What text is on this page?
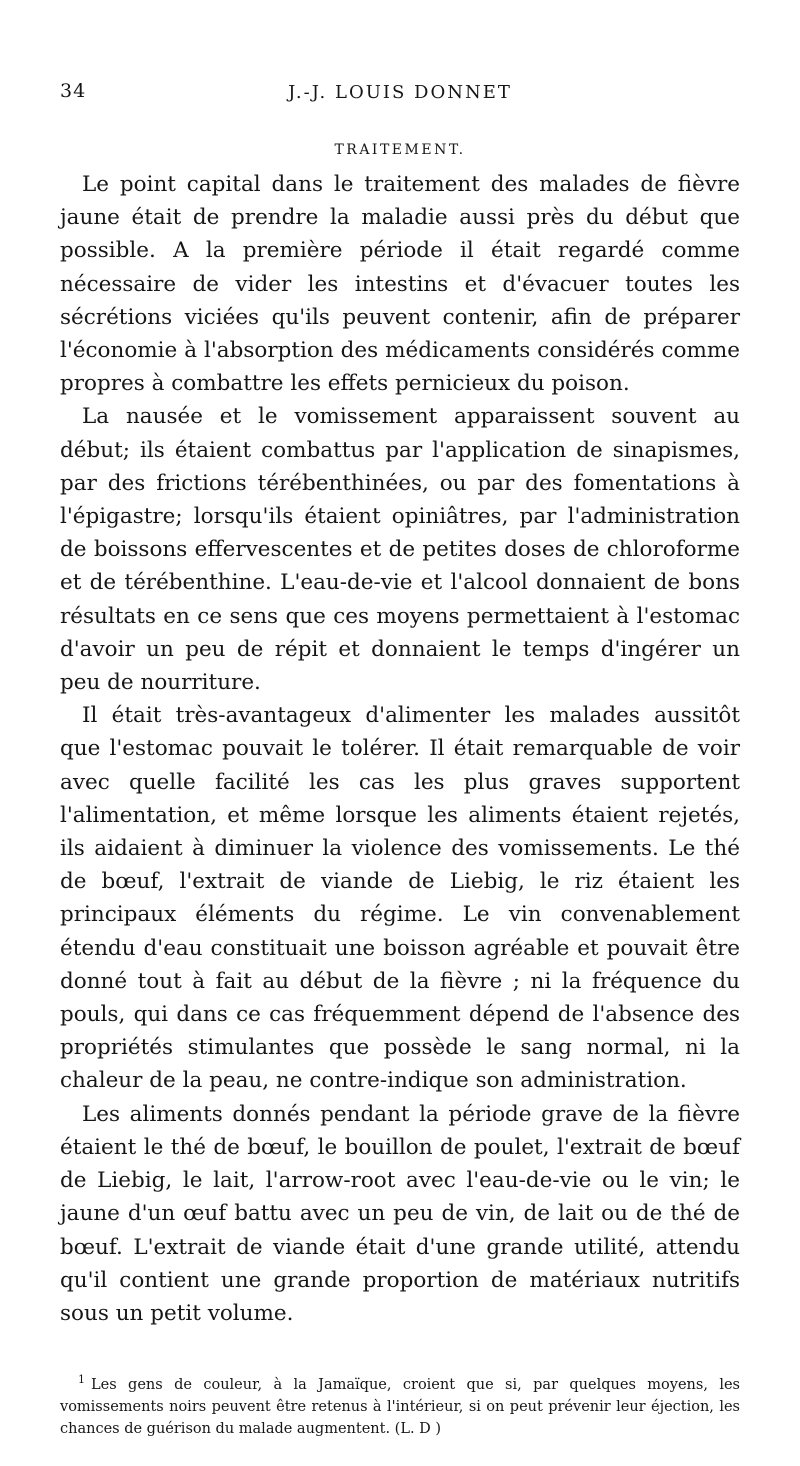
34	J.-J. LOUIS DONNET
TRAITEMENT.

Le point capital dans le traitement des malades de fièvre jaune était de prendre la maladie aussi près du début que possible. A la première période il était regardé comme nécessaire de vider les intestins et d'évacuer toutes les sécrétions viciées qu'ils peuvent contenir, afin de préparer l'économie à l'absorption des médicaments considérés comme propres à combattre les effets pernicieux du poison.

La nausée et le vomissement apparaissent souvent au début; ils étaient combattus par l'application de sinapismes, par des frictions térébenthinées, ou par des fomentations à l'épigastre; lorsqu'ils étaient opiniâtres, par l'administration de boissons effervescentes et de petites doses de chloroforme et de térébenthine. L'eau-de-vie et l'alcool donnaient de bons résultats en ce sens que ces moyens permettaient à l'estomac d'avoir un peu de répit et donnaient le temps d'ingérer un peu de nourriture.

Il était très-avantageux d'alimenter les malades aussitôt que l'estomac pouvait le tolérer. Il était remarquable de voir avec quelle facilité les cas les plus graves supportent l'alimentation, et même lorsque les aliments étaient rejetés, ils aidaient à diminuer la violence des vomissements. Le thé de bœuf, l'extrait de viande de Liebig, le riz étaient les principaux éléments du régime. Le vin convenablement étendu d'eau constituait une boisson agréable et pouvait être donné tout à fait au début de la fièvre ; ni la fréquence du pouls, qui dans ce cas fréquemment dépend de l'absence des propriétés stimulantes que possède le sang normal, ni la chaleur de la peau, ne contre-indique son administration.

Les aliments donnés pendant la période grave de la fièvre étaient le thé de bœuf, le bouillon de poulet, l'extrait de bœuf de Liebig, le lait, l'arrow-root avec l'eau-de-vie ou le vin; le jaune d'un œuf battu avec un peu de vin, de lait ou de thé de bœuf. L'extrait de viande était d'une grande utilité, attendu qu'il contient une grande proportion de matériaux nutritifs sous un petit volume.

$^1$ Les gens de couleur, à la Jamaïque, croient que si, par quelques moyens, les vomissements noirs peuvent être retenus à l'intérieur, si on peut prévenir leur éjection, les chances de guérison du malade augmentent. (L. D )
